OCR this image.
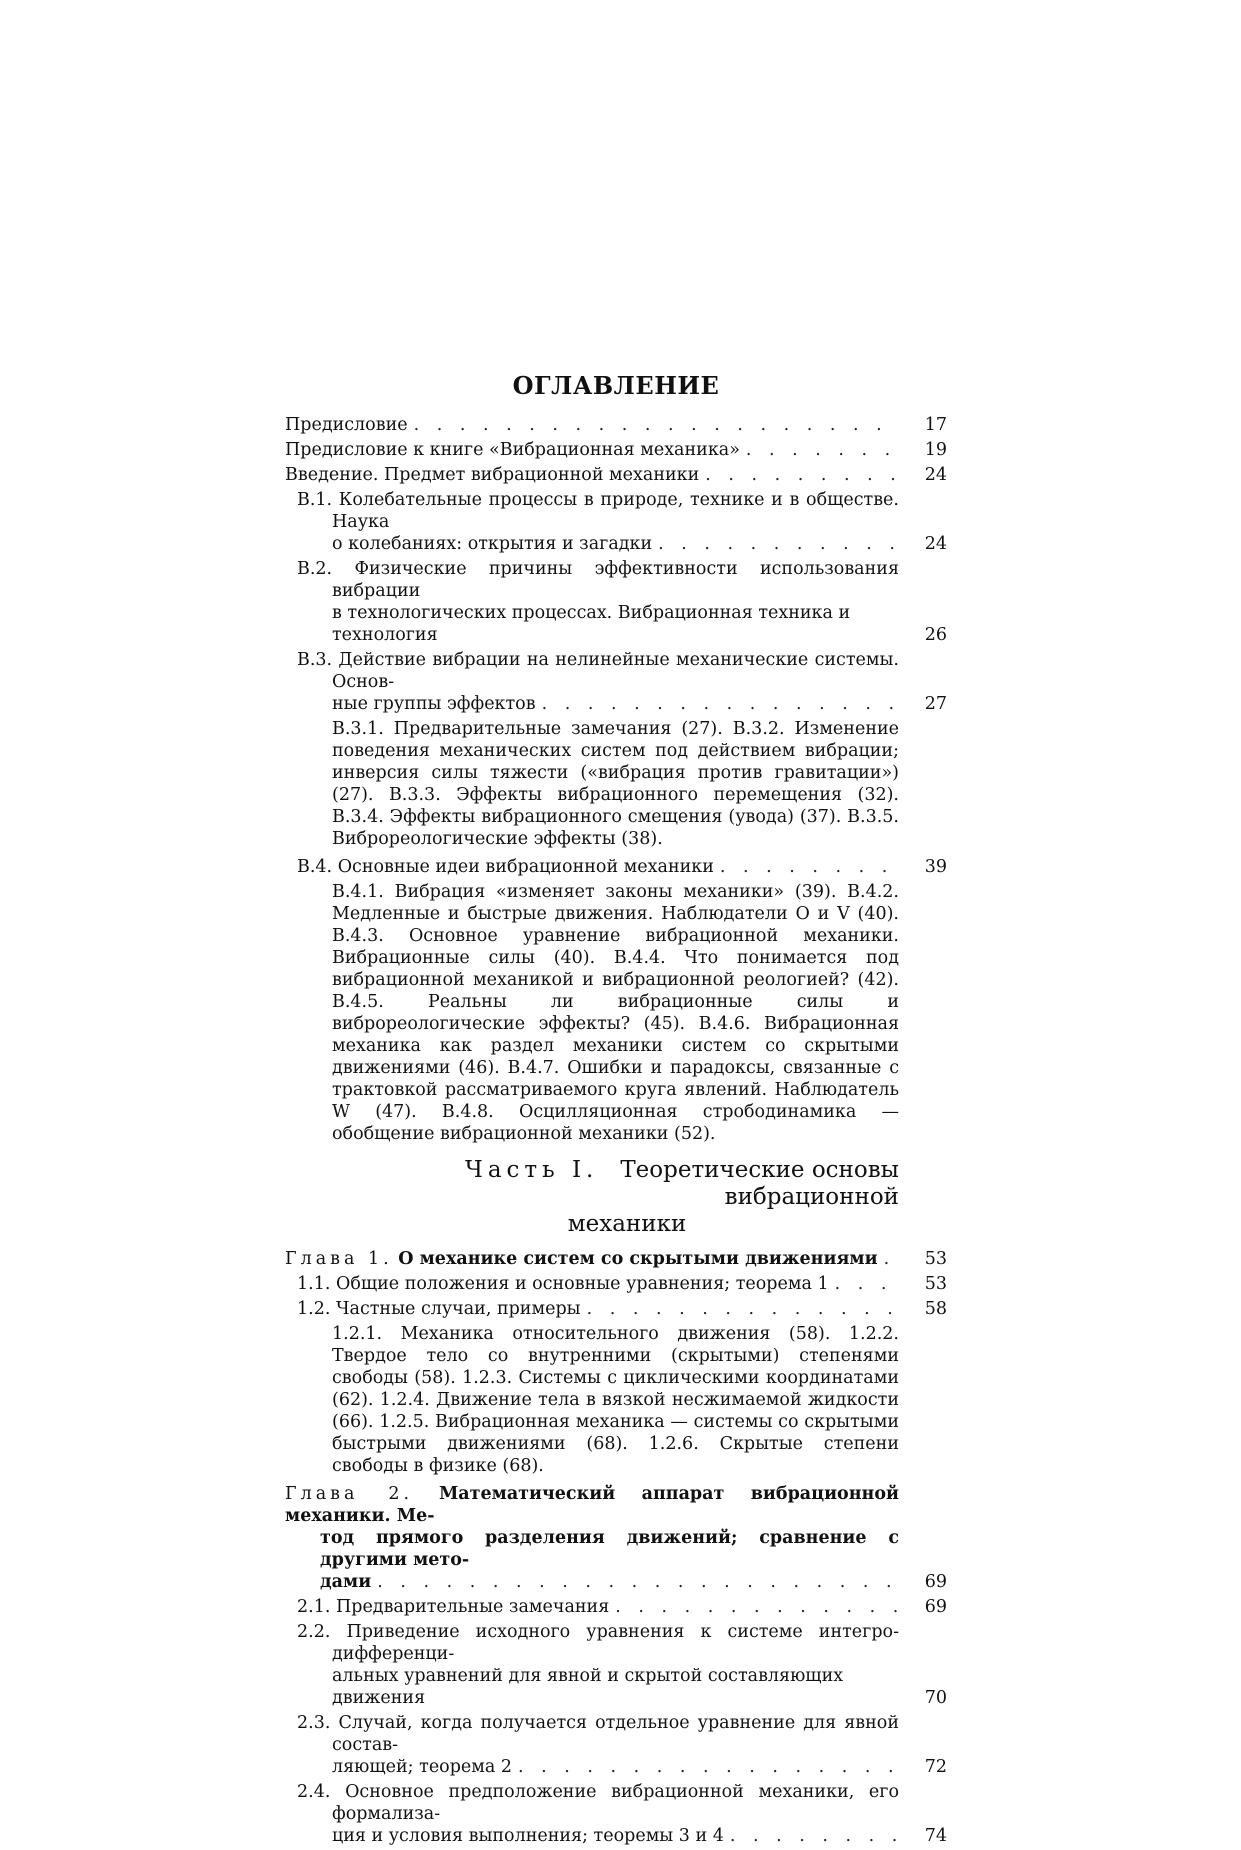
ОГЛАВЛЕНИЕ
Предисловие . . .	17
Предисловие к книге «Вибрационная механика» . . .	19
Введение. Предмет вибрационной механики . . .	24
В.1. Колебательные процессы в природе, технике и в обществе. Наука
о колебаниях: открытия и загадки . . .	24
В.2. Физические причины эффективности использования вибрации
в технологических процессах. Вибрационная техника и технология	26
В.3. Действие вибрации на нелинейные механические системы. Основ-
ные группы эффектов . . .	27
В.3.1. Предварительные замечания (27). В.3.2. Изменение поведения механических систем под действием вибрации; инверсия силы тяжести («вибрация против гравитации») (27). В.3.3. Эффекты вибрационного перемещения (32). В.3.4. Эффекты вибрационного смещения (увода) (37). В.3.5. Виброреологические эффекты (38).
В.4. Основные идеи вибрационной механики . . .	39
В.4.1. Вибрация «изменяет законы механики» (39). В.4.2. Медленные и быстрые движения. Наблюдатели O и V (40). В.4.3. Основное уравнение вибрационной механики. Вибрационные силы (40). В.4.4. Что понимается под вибрационной механикой и вибрационной реологией? (42). В.4.5. Реальны ли вибрационные силы и виброреологические эффекты? (45). В.4.6. Вибрационная механика как раздел механики систем со скрытыми движениями (46). В.4.7. Ошибки и парадоксы, связанные с трактовкой рассматриваемого круга явлений. Наблюдатель W (47). В.4.8. Осцилляционная стрободинамика — обобщение вибрационной механики (52).
Часть I. Теоретические основы вибрационной
механики
Глава 1. О механике систем со скрытыми движениями . . .	53
1.1. Общие положения и основные уравнения; теорема 1 . . .	53
1.2. Частные случаи, примеры . . .	58
1.2.1. Механика относительного движения (58). 1.2.2. Твердое тело со внутренними (скрытыми) степенями свободы (58). 1.2.3. Системы с циклическими координатами (62). 1.2.4. Движение тела в вязкой несжимаемой жидкости (66). 1.2.5. Вибрационная механика — системы со скрытыми быстрыми движениями (68). 1.2.6. Скрытые степени свободы в физике (68).
Глава 2. Математический аппарат вибрационной механики. Ме-
тод прямого разделения движений; сравнение с другими мето-
дами . . .	69
2.1. Предварительные замечания . . .	69
2.2. Приведение исходного уравнения к системе интегро-дифференци-
альных уравнений для явной и скрытой составляющих движения	70
2.3. Случай, когда получается отдельное уравнение для явной состав-
ляющей; теорема 2 . . .	72
2.4. Основное предположение вибрационной механики, его формализа-
ция и условия выполнения; теоремы 3 и 4 . . .	74
